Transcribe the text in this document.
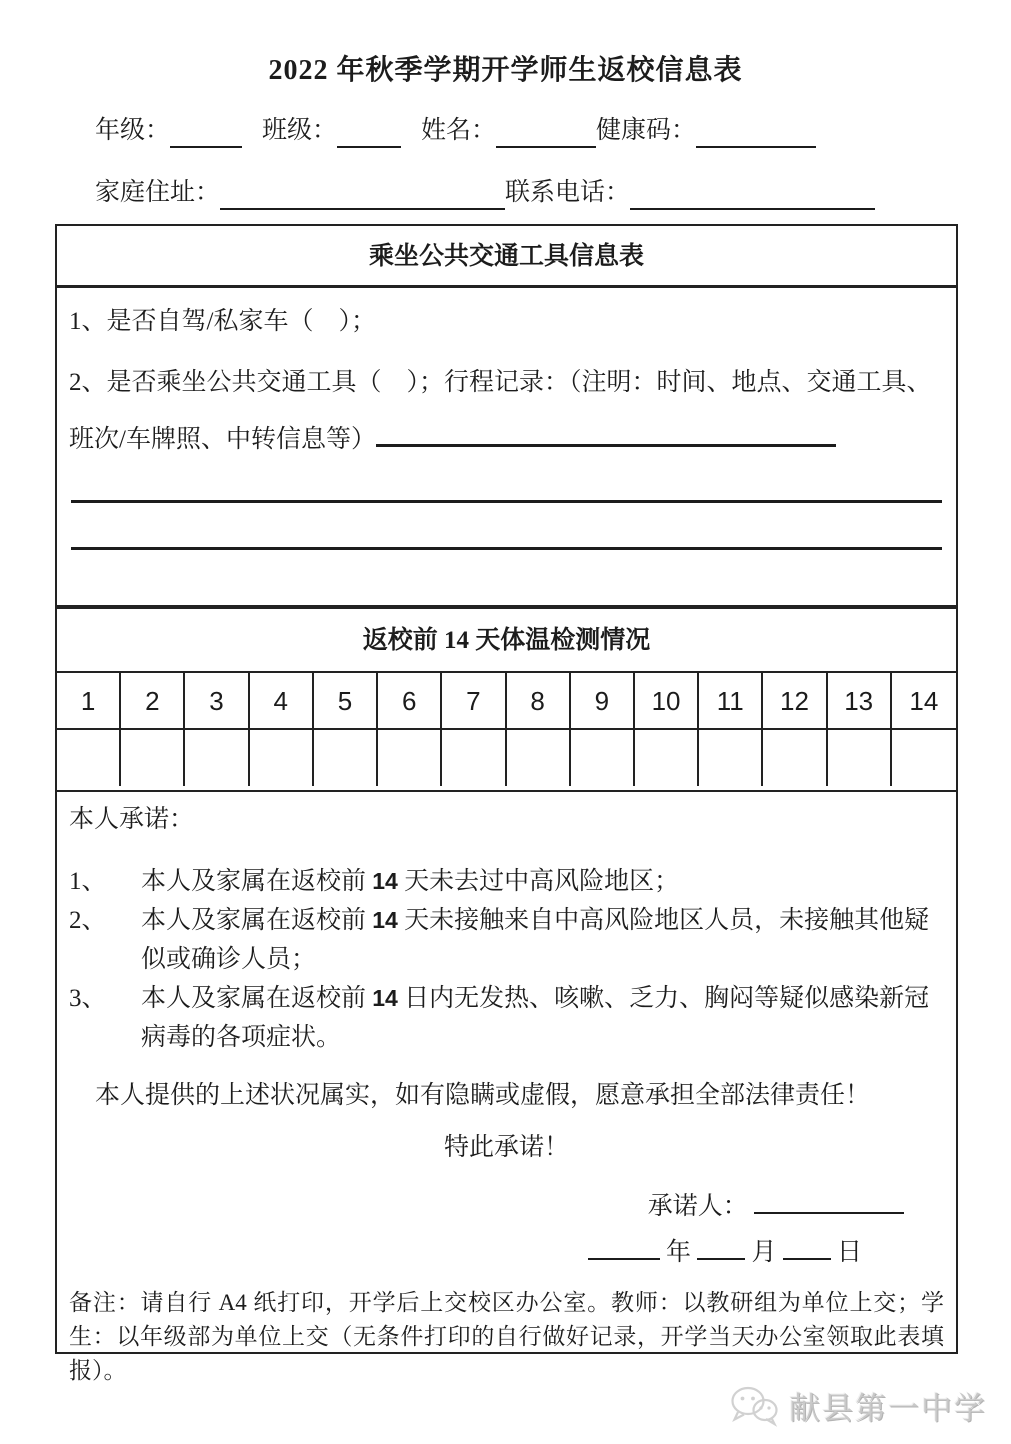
2022 年秋季学期开学师生返校信息表
年级：	班级：	姓名：	健康码：
家庭住址：	联系电话：
乘坐公共交通工具信息表
1、是否自驾/私家车（　）；
2、是否乘坐公共交通工具（　）；行程记录：（注明：时间、地点、交通工具、班次/车牌照、中转信息等）
返校前 14 天体温检测情况
1	2	3	4	5	6	7	8	9	10	11	12	13	14
本人承诺：
1、	本人及家属在返校前 14 天未去过中高风险地区；
2、	本人及家属在返校前 14 天未接触来自中高风险地区人员，未接触其他疑似或确诊人员；
3、	本人及家属在返校前 14 日内无发热、咳嗽、乏力、胸闷等疑似感染新冠病毒的各项症状。
本人提供的上述状况属实，如有隐瞒或虚假，愿意承担全部法律责任！
特此承诺！
承诺人：
年 月 日
备注：请自行 A4 纸打印，开学后上交校区办公室。教师：以教研组为单位上交；学生：以年级部为单位上交（无条件打印的自行做好记录，开学当天办公室领取此表填报）。
献县第一中学
